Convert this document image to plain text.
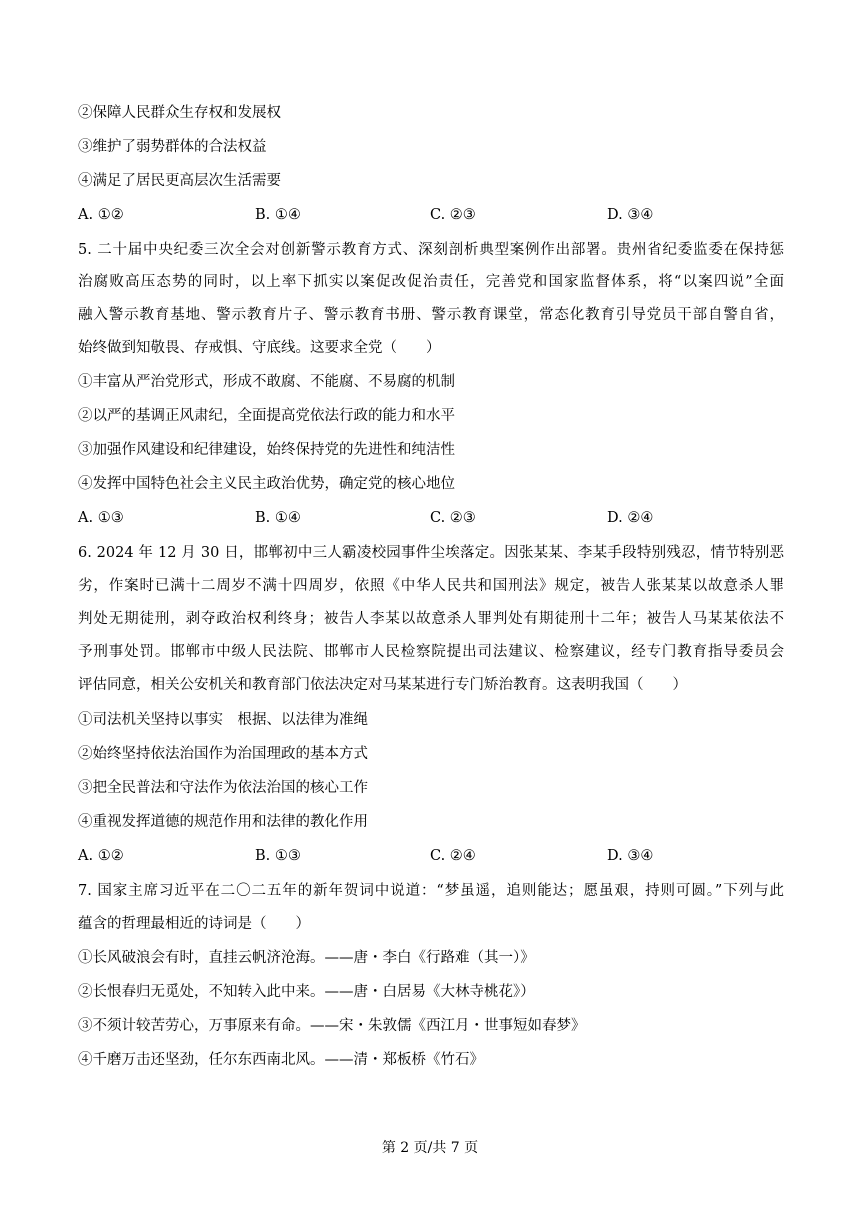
②保障人民群众生存权和发展权
③维护了弱势群体的合法权益
④满足了居民更高层次生活需要
A. ①②	B. ①④	C. ②③	D. ③④
5. 二十届中央纪委三次全会对创新警示教育方式、深刻剖析典型案例作出部署。贵州省纪委监委在保持惩
治腐败高压态势的同时，以上率下抓实以案促改促治责任，完善党和国家监督体系，将“以案四说”全面
融入警示教育基地、警示教育片子、警示教育书册、警示教育课堂，常态化教育引导党员干部自警自省，
始终做到知敬畏、存戒惧、守底线。这要求全党（　　）
①丰富从严治党形式，形成不敢腐、不能腐、不易腐的机制
②以严的基调正风肃纪，全面提高党依法行政的能力和水平
③加强作风建设和纪律建设，始终保持党的先进性和纯洁性
④发挥中国特色社会主义民主政治优势，确定党的核心地位
A. ①③	B. ①④	C. ②③	D. ②④
6. 2024 年 12 月 30 日，邯郸初中三人霸凌校园事件尘埃落定。因张某某、李某手段特别残忍，情节特别恶
劣，作案时已满十二周岁不满十四周岁，依照《中华人民共和国刑法》规定，被告人张某某以故意杀人罪
判处无期徒刑，剥夺政治权利终身；被告人李某以故意杀人罪判处有期徒刑十二年；被告人马某某依法不
予刑事处罚。邯郸市中级人民法院、邯郸市人民检察院提出司法建议、检察建议，经专门教育指导委员会
评估同意，相关公安机关和教育部门依法决定对马某某进行专门矫治教育。这表明我国（　　）
①司法机关坚持以事实　根据、以法律为准绳
②始终坚持依法治国作为治国理政的基本方式
③把全民普法和守法作为依法治国的核心工作
④重视发挥道德的规范作用和法律的教化作用
A. ①②	B. ①③	C. ②④	D. ③④
7. 国家主席习近平在二〇二五年的新年贺词中说道：“梦虽遥，追则能达；愿虽艰，持则可圆。”下列与此
蕴含的哲理最相近的诗词是（　　）
①长风破浪会有时，直挂云帆济沧海。——唐・李白《行路难（其一）》
②长恨春归无觅处，不知转入此中来。——唐・白居易《大林寺桃花》）
③不须计较苦劳心，万事原来有命。——宋・朱敦儒《西江月・世事短如春梦》
④千磨万击还坚劲，任尔东西南北风。——清・郑板桥《竹石》
第 2 页/共 7 页
